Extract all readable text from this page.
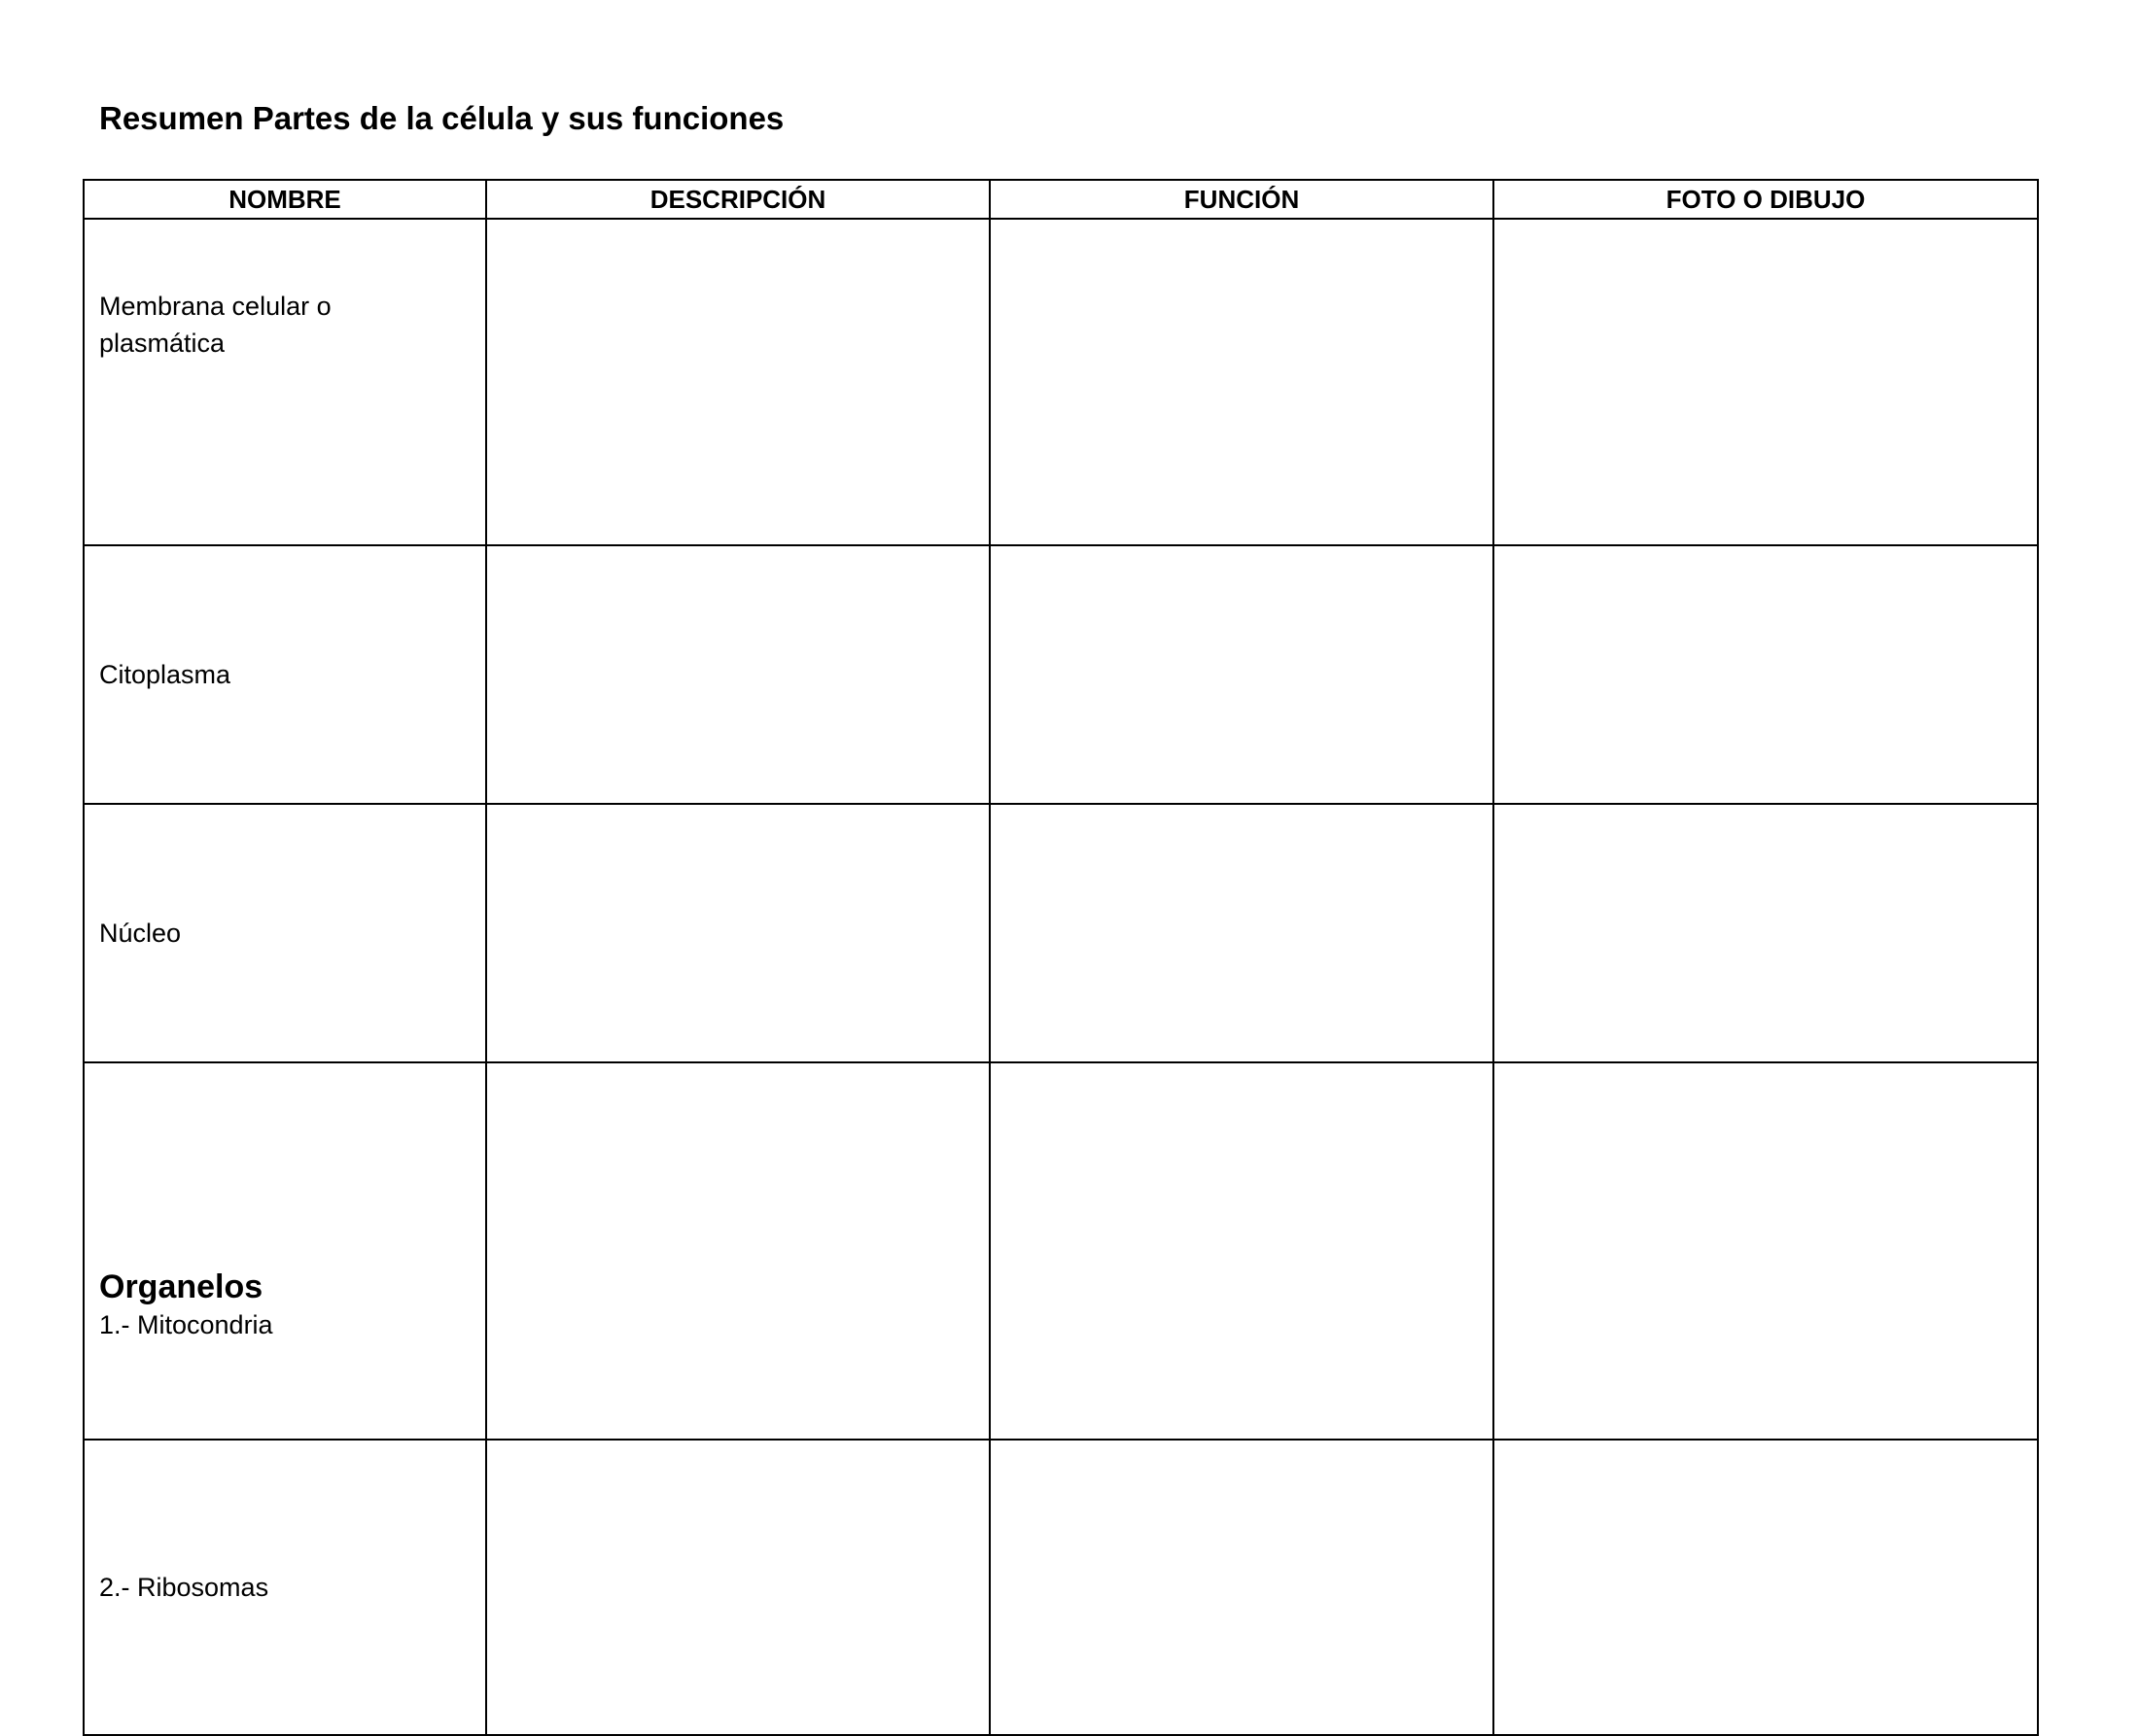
Resumen Partes de la célula y sus funciones
NOMBRE	DESCRIPCIÓN	FUNCIÓN	FOTO O DIBUJO

Membrana celular o
plasmática			

Citoplasma			

Núcleo			

Organelos
1.- Mitocondria			

2.- Ribosomas			
